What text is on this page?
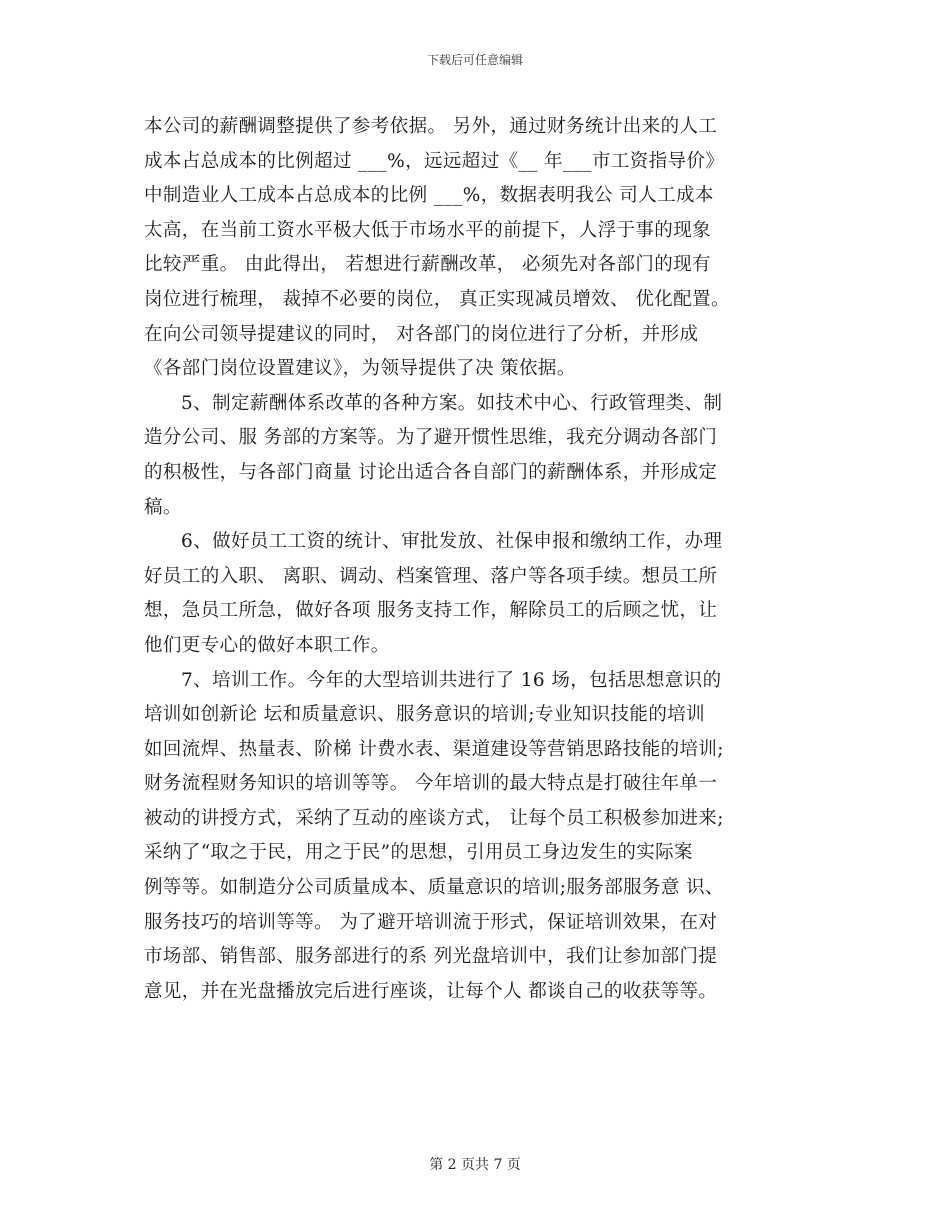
下载后可任意编辑
本公司的薪酬调整提供了参考依据。 另外，通过财务统计出来的人工
成本占总成本的比例超过 ___%，远远超过《__ 年___市工资指导价》
中制造业人工成本占总成本的比例 ___%，数据表明我公 司人工成本
太高，在当前工资水平极大低于市场水平的前提下，人浮于事的现象
比较严重。 由此得出， 若想进行薪酬改革， 必须先对各部门的现有
岗位进行梳理， 裁掉不必要的岗位， 真正实现减员增效、 优化配置。
在向公司领导提建议的同时， 对各部门的岗位进行了分析，并形成
《各部门岗位设置建议》，为领导提供了决 策依据。
5、制定薪酬体系改革的各种方案。如技术中心、行政管理类、制
造分公司、服 务部的方案等。为了避开惯性思维，我充分调动各部门
的积极性，与各部门商量 讨论出适合各自部门的薪酬体系，并形成定
稿。
6、做好员工工资的统计、审批发放、社保申报和缴纳工作，办理
好员工的入职、 离职、调动、档案管理、落户等各项手续。想员工所
想，急员工所急，做好各项 服务支持工作，解除员工的后顾之忧，让
他们更专心的做好本职工作。
7、培训工作。今年的大型培训共进行了 16 场，包括思想意识的
培训如创新论 坛和质量意识、服务意识的培训;专业知识技能的培训
如回流焊、热量表、阶梯 计费水表、渠道建设等营销思路技能的培训;
财务流程财务知识的培训等等。 今年培训的最大特点是打破往年单一
被动的讲授方式，采纳了互动的座谈方式， 让每个员工积极参加进来;
采纳了“取之于民，用之于民”的思想，引用员工身边发生的实际案
例等等。如制造分公司质量成本、质量意识的培训;服务部服务意 识、
服务技巧的培训等等。 为了避开培训流于形式，保证培训效果，在对
市场部、销售部、服务部进行的系 列光盘培训中，我们让参加部门提
意见，并在光盘播放完后进行座谈，让每个人 都谈自己的收获等等。
第 2 页共 7 页
